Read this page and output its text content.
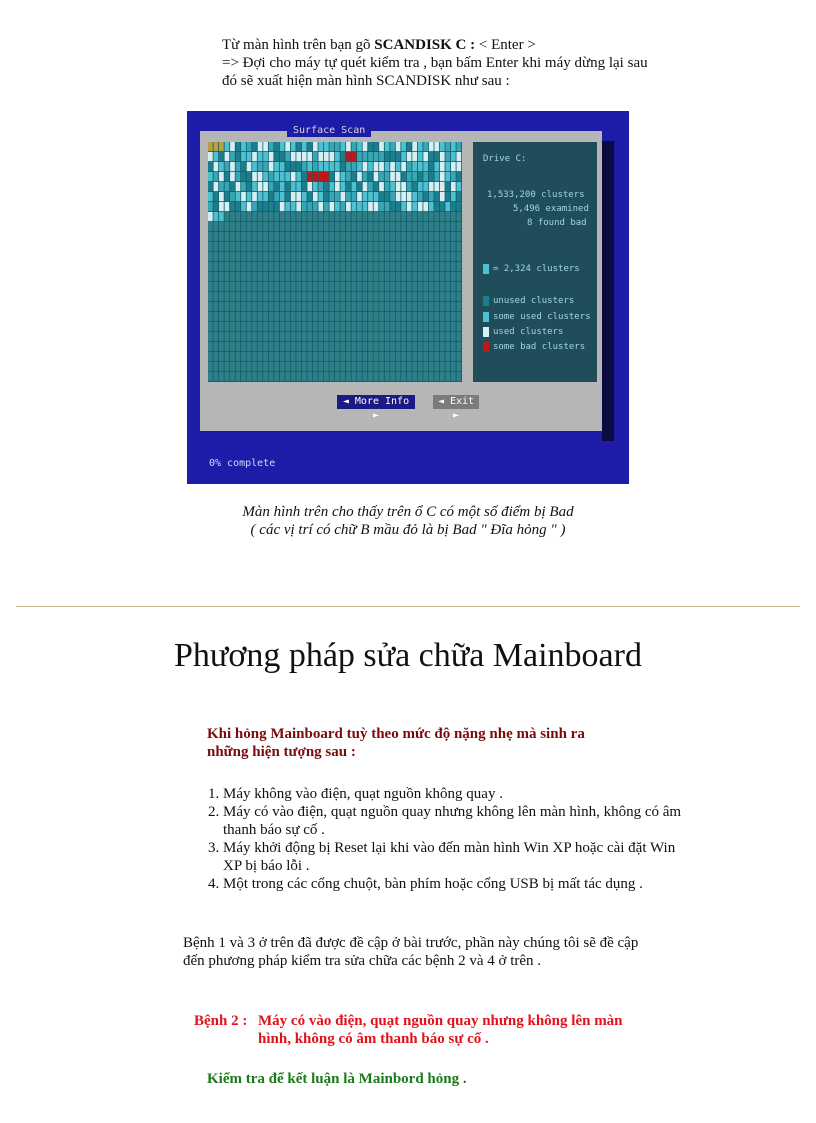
Từ màn hình trên bạn gõ SCANDISK C : < Enter >
=> Đợi cho máy tự quét kiểm tra , bạn bấm Enter khi máy dừng lại sau đó sẽ xuất hiện màn hình SCANDISK như sau :
Surface Scan
Drive C:
1,533,200 clusters
5,496 examined
8 found bad
= 2,324 clusters
unused clusters
some used clusters
used clusters
some bad clusters
◄ More Info ►
◄ Exit ►
0% complete
Màn hình trên cho thấy trên ổ C có một số điểm bị Bad
( các vị trí có chữ B mầu đỏ là bị Bad " Đĩa hỏng " )
Phương pháp sửa chữa Mainboard
Khi hỏng Mainboard tuỳ theo mức độ nặng nhẹ mà sinh ra những hiện tượng sau :
1. Máy không vào điện, quạt nguồn không quay .
2. Máy có vào điện, quạt nguồn quay nhưng không lên màn hình, không có âm thanh báo sự cố .
3. Máy khởi động bị Reset lại khi vào đến màn hình Win XP hoặc cài đặt Win XP bị báo lỗi .
4. Một trong các cổng chuột, bàn phím hoặc cổng USB bị mất tác dụng .
Bệnh 1 và 3 ở trên đã được đề cập ở bài trước, phần này chúng tôi sẽ đề cập đến phương pháp kiểm tra sửa chữa các bệnh 2 và 4 ở trên .
Bệnh 2 : Máy có vào điện, quạt nguồn quay nhưng không lên màn hình, không có âm thanh báo sự cố .
Kiểm tra để kết luận là Mainbord hỏng .
